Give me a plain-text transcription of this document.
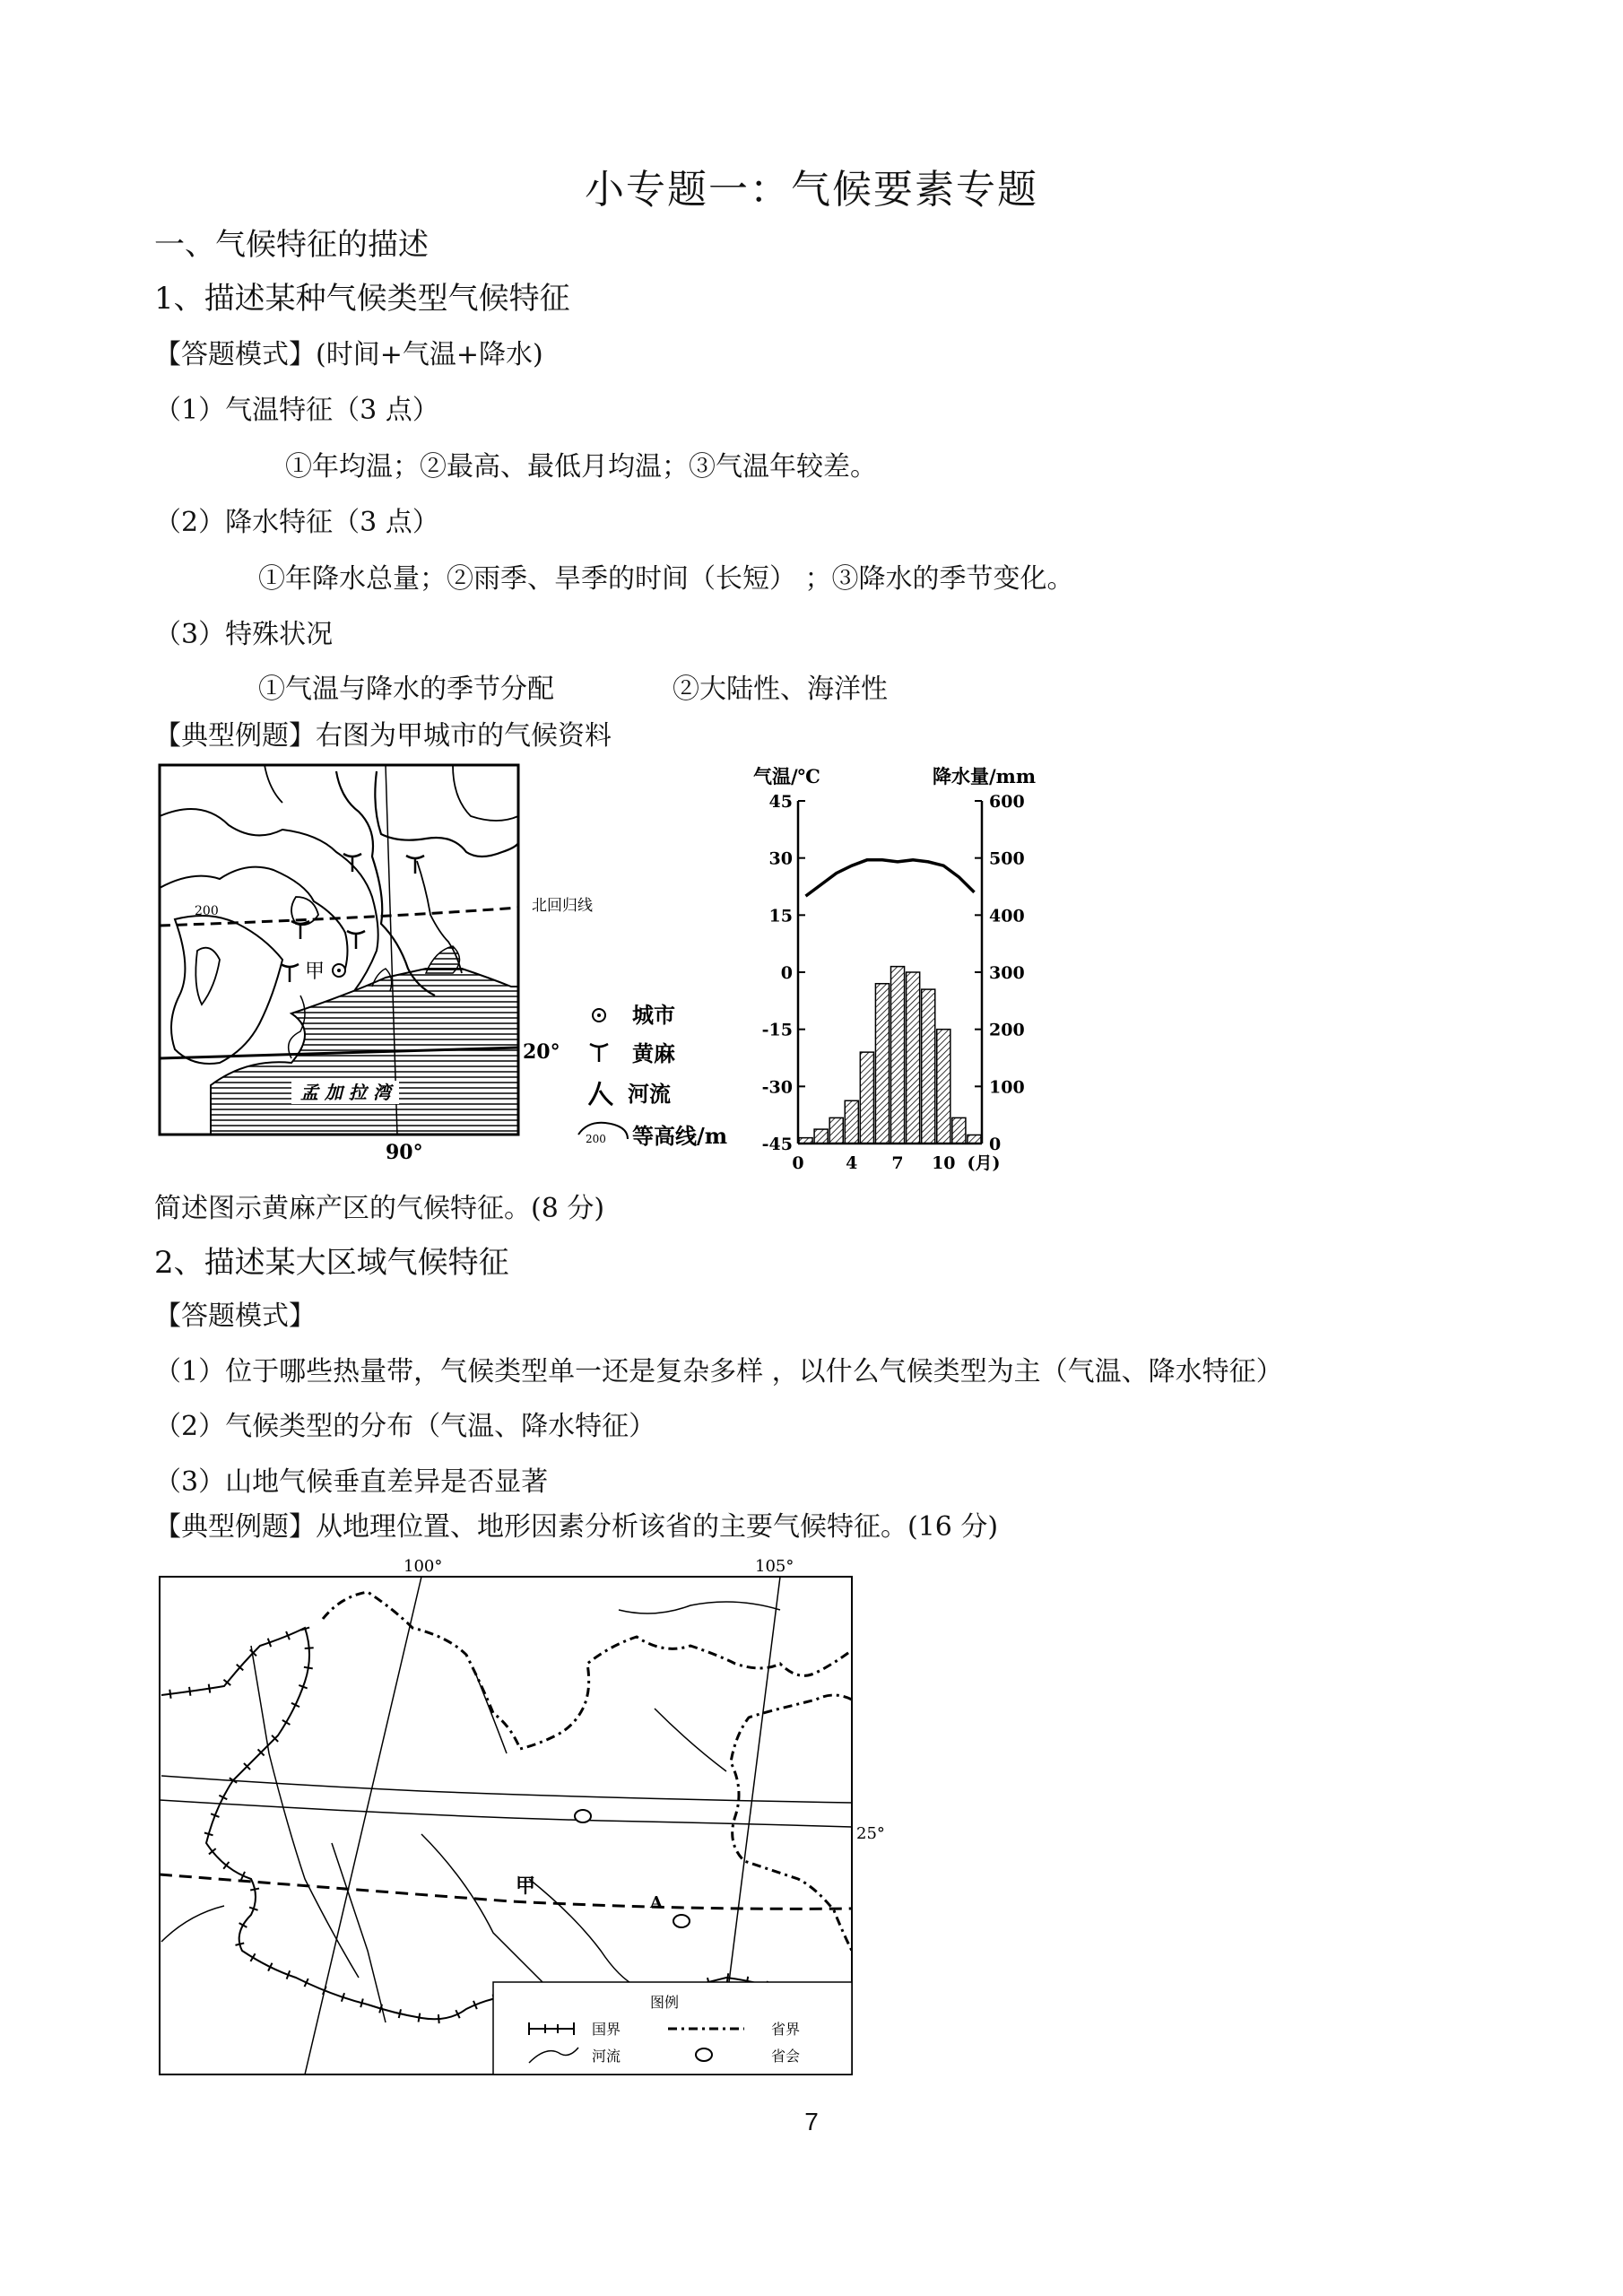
小专题一：气候要素专题
一、气候特征的描述
1、描述某种气候类型气候特征
【答题模式】(时间+气温+降水)
（1）气温特征（3 点）
①年均温；②最高、最低月均温；③气温年较差。
（2）降水特征（3 点）
①年降水总量；②雨季、旱季的时间（长短） ；③降水的季节变化。
（3）特殊状况
①气温与降水的季节分配	②大陆性、海洋性
【典型例题】右图为甲城市的气候资料
200	北回归线
甲
孟 加 拉 湾
20°
90°
城市
黄麻
河流
200 等高线/m
气温/℃	降水量/mm
45
30
15
0
-15
-30
-45
600
500
400
300
200
100
0
0 4 7 10 (月)
简述图示黄麻产区的气候特征。(8 分)
2、描述某大区域气候特征
【答题模式】
（1）位于哪些热量带，气候类型单一还是复杂多样 ，以什么气候类型为主（气温、降水特征）
（2）气候类型的分布（气温、降水特征）
（3）山地气候垂直差异是否显著
【典型例题】从地理位置、地形因素分析该省的主要气候特征。(16 分)
100°	105°
25°
甲
A
图例
国界	省界
河流	省会
7
